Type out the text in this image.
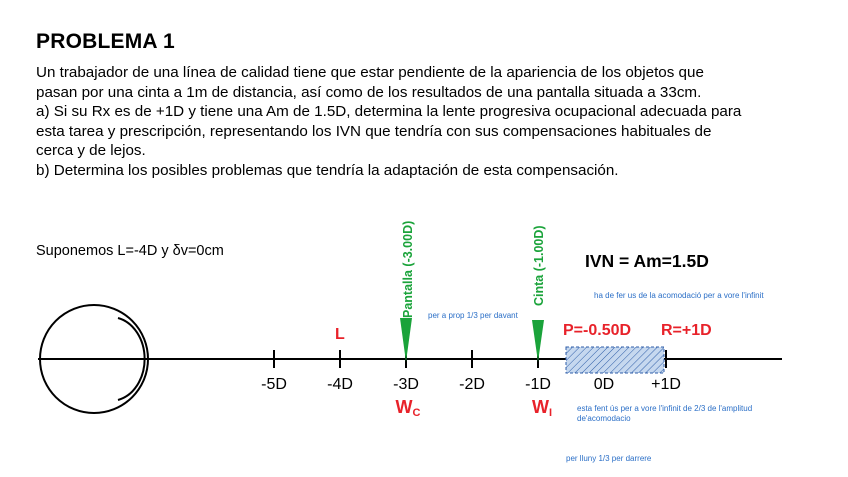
PROBLEMA 1
Un trabajador de una línea de calidad tiene que estar pendiente de la apariencia de los objetos que
pasan por una cinta a 1m de distancia, así como de los resultados de una pantalla situada a 33cm.
a) Si su Rx es de +1D y tiene una Am de 1.5D, determina la lente progresiva ocupacional adecuada para
esta tarea y prescripción, representando los IVN que tendría con sus compensaciones habituales de
cerca y de lejos.
b) Determina los posibles problemas que tendría la adaptación de esta compensación.
Suponemos L=-4D y δv=0cm	IVN = Am=1.5D
ha de fer us de la acomodació per a vore l'infinit
per a prop 1/3 per davant
esta fent ús per a vore l'infinit de 2/3 de l'amplitud
de'acomodacio
per lluny 1/3 per darrere
P=-0.50D R=+1D
L
-5D	-4D	-3D	-2D	-1D	0D +1D
$W_C$	$W_I$
Pantalla (-3.00D)	Cinta (-1.00D)
